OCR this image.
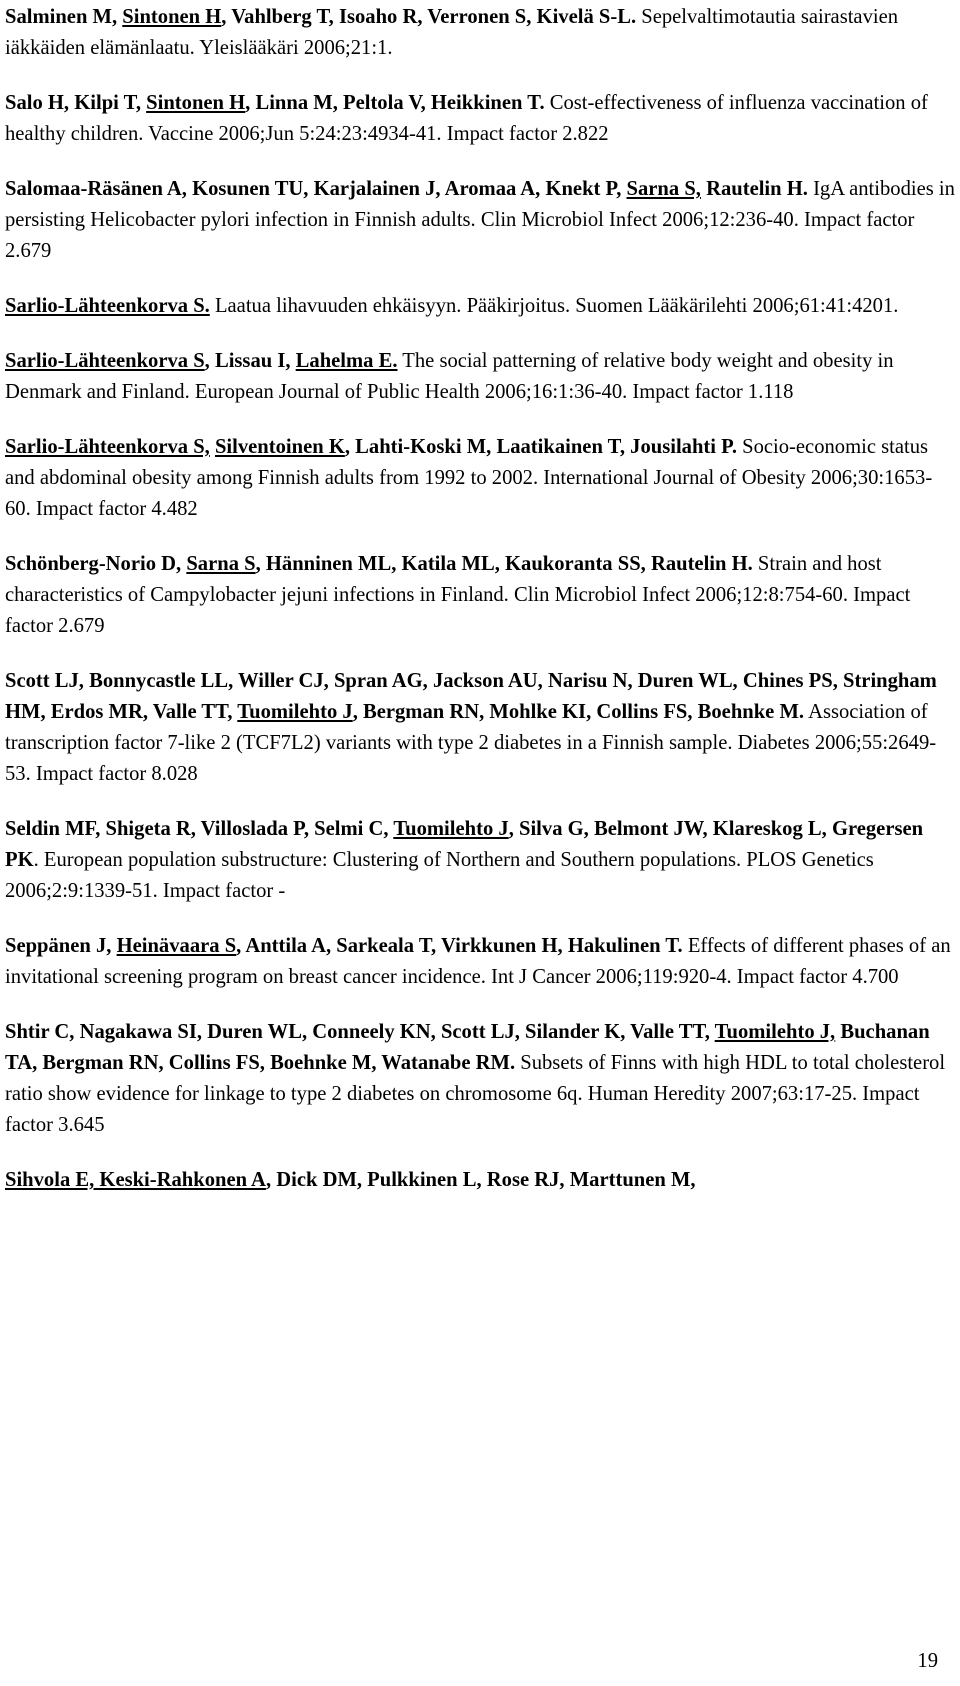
Salminen M, Sintonen H, Vahlberg T, Isoaho R, Verronen S, Kivelä S-L. Sepelvaltimotautia sairastavien iäkkäiden elämänlaatu. Yleislääkäri 2006;21:1.

Salo H, Kilpi T, Sintonen H, Linna M, Peltola V, Heikkinen T. Cost-effectiveness of influenza vaccination of healthy children. Vaccine 2006;Jun 5:24:23:4934-41. Impact factor 2.822

Salomaa-Räsänen A, Kosunen TU, Karjalainen J, Aromaa A, Knekt P, Sarna S, Rautelin H. IgA antibodies in persisting Helicobacter pylori infection in Finnish adults. Clin Microbiol Infect 2006;12:236-40. Impact factor 2.679

Sarlio-Lähteenkorva S. Laatua lihavuuden ehkäisyyn. Pääkirjoitus. Suomen Lääkärilehti 2006;61:41:4201.

Sarlio-Lähteenkorva S, Lissau I, Lahelma E. The social patterning of relative body weight and obesity in Denmark and Finland. European Journal of Public Health 2006;16:1:36-40. Impact factor 1.118

Sarlio-Lähteenkorva S, Silventoinen K, Lahti-Koski M, Laatikainen T, Jousilahti P. Socio-economic status and abdominal obesity among Finnish adults from 1992 to 2002. International Journal of Obesity 2006;30:1653-60. Impact factor 4.482

Schönberg-Norio D, Sarna S, Hänninen ML, Katila ML, Kaukoranta SS, Rautelin H. Strain and host characteristics of Campylobacter jejuni infections in Finland. Clin Microbiol Infect 2006;12:8:754-60. Impact factor 2.679

Scott LJ, Bonnycastle LL, Willer CJ, Spran AG, Jackson AU, Narisu N, Duren WL, Chines PS, Stringham HM, Erdos MR, Valle TT, Tuomilehto J, Bergman RN, Mohlke KI, Collins FS, Boehnke M. Association of transcription factor 7-like 2 (TCF7L2) variants with type 2 diabetes in a Finnish sample. Diabetes 2006;55:2649-53. Impact factor 8.028

Seldin MF, Shigeta R, Villoslada P, Selmi C, Tuomilehto J, Silva G, Belmont JW, Klareskog L, Gregersen PK. European population substructure: Clustering of Northern and Southern populations. PLOS Genetics 2006;2:9:1339-51. Impact factor -

Seppänen J, Heinävaara S, Anttila A, Sarkeala T, Virkkunen H, Hakulinen T. Effects of different phases of an invitational screening program on breast cancer incidence. Int J Cancer 2006;119:920-4. Impact factor 4.700

Shtir C, Nagakawa SI, Duren WL, Conneely KN, Scott LJ, Silander K, Valle TT, Tuomilehto J, Buchanan TA, Bergman RN, Collins FS, Boehnke M, Watanabe RM. Subsets of Finns with high HDL to total cholesterol ratio show evidence for linkage to type 2 diabetes on chromosome 6q. Human Heredity 2007;63:17-25. Impact factor 3.645

Sihvola E, Keski-Rahkonen A, Dick DM, Pulkkinen L, Rose RJ, Marttunen M,

19
